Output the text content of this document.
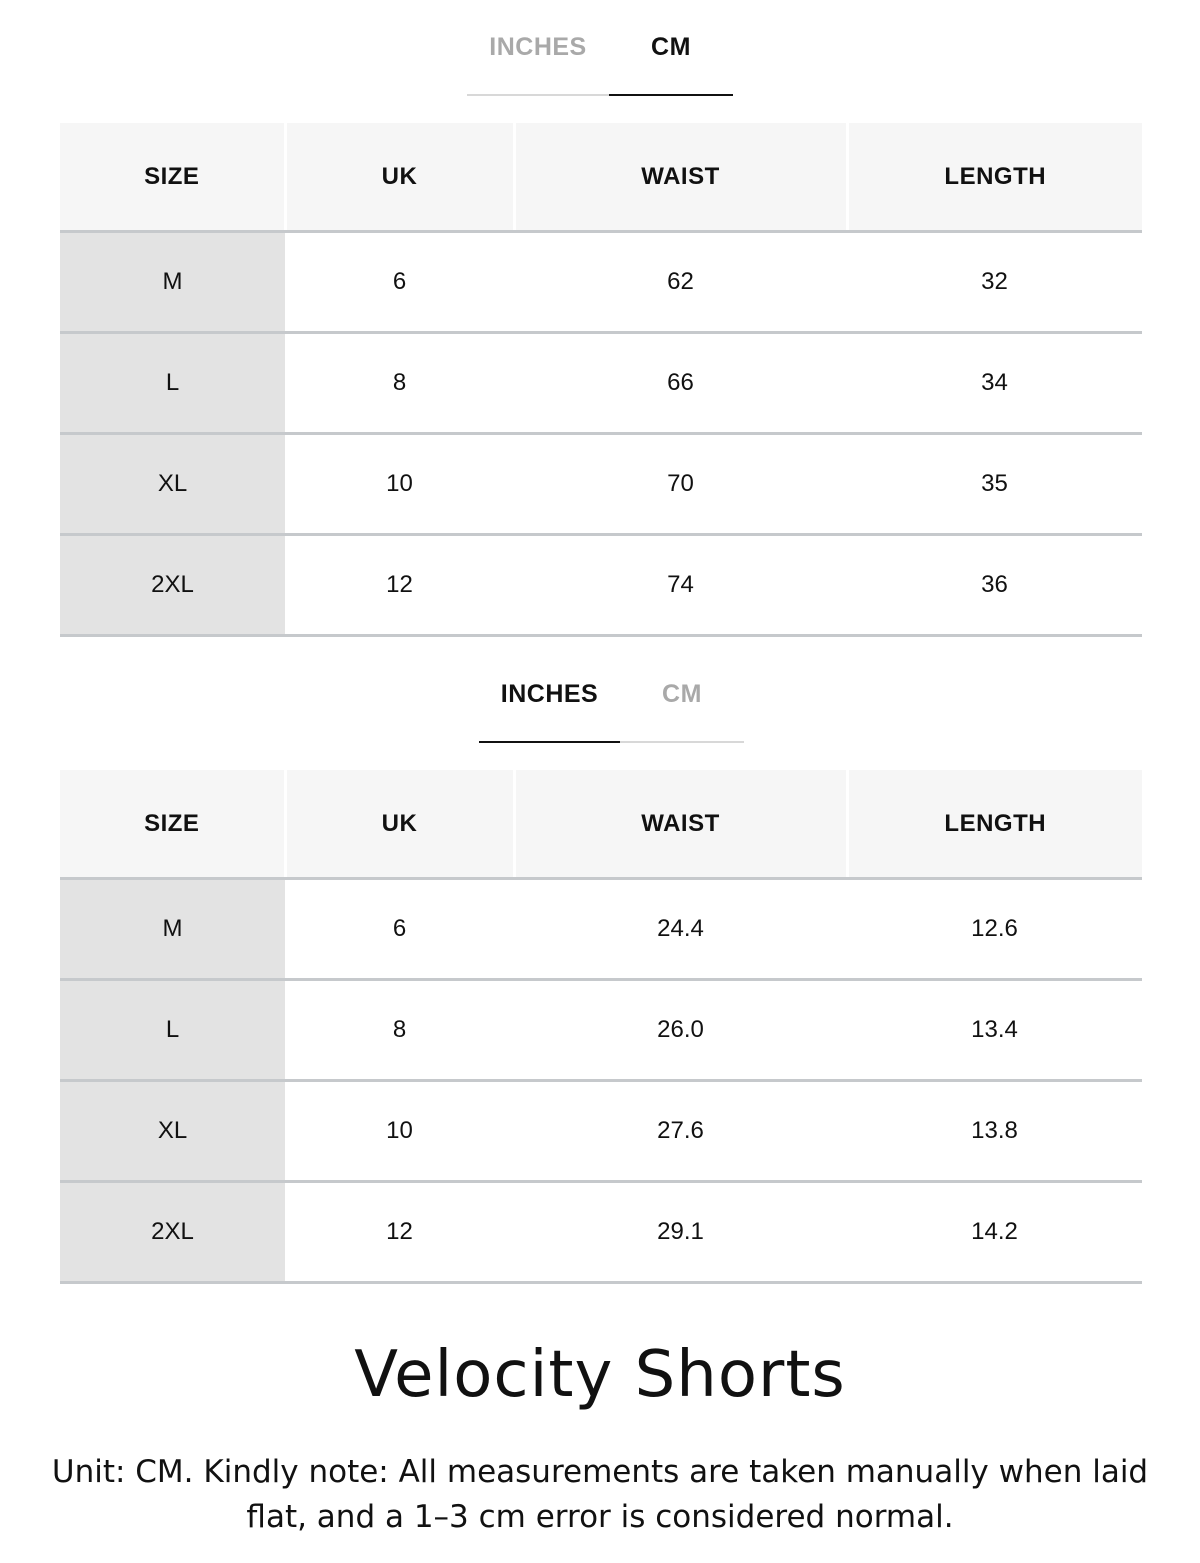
INCHES	CM
SIZE	UK	WAIST	LENGTH
M	6	62	32
L	8	66	34
XL	10	70	35
2XL	12	74	36
INCHES	CM
SIZE	UK	WAIST	LENGTH
M	6	24.4	12.6
L	8	26.0	13.4
XL	10	27.6	13.8
2XL	12	29.1	14.2
Velocity Shorts

Unit: CM. Kindly note: All measurements are taken manually when laid flat, and a 1–3 cm error is considered normal.
